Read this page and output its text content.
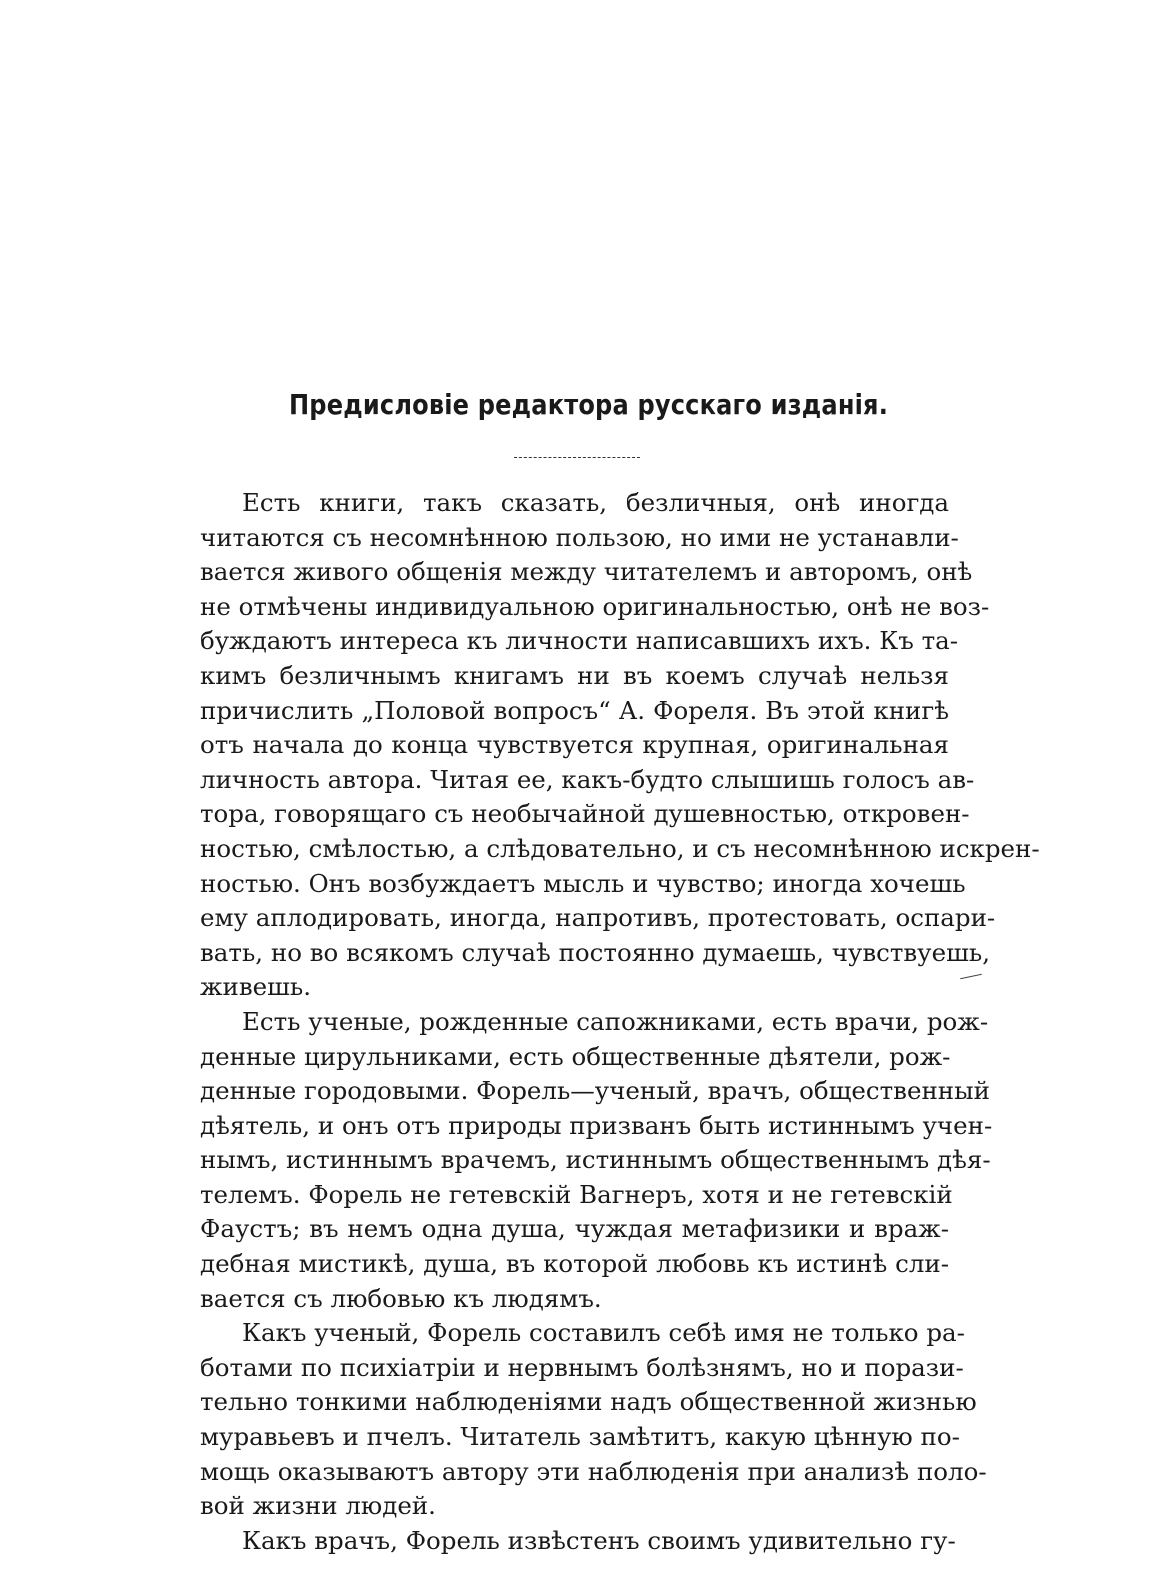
Предисловіе редактора русскаго изданія.
Есть книги, такъ сказать, безличныя, онѣ иногда
читаются съ несомнѣнною пользою, но ими не устанавли-
вается живого общенія между читателемъ и авторомъ, онѣ
не отмѣчены индивидуальною оригинальностью, онѣ не воз-
буждаютъ интереса къ личности написавшихъ ихъ. Къ та-
кимъ безличнымъ книгамъ ни въ коемъ случаѣ нельзя
причислить „Половой вопросъ“ А. Фореля. Въ этой книгѣ
отъ начала до конца чувствуется крупная, оригинальная
личность автора. Читая ее, какъ-будто слышишь голосъ ав-
тора, говорящаго съ необычайной душевностью, откровен-
ностью, смѣлостью, а слѣдовательно, и съ несомнѣнною искрен-
ностью. Онъ возбуждаетъ мысль и чувство; иногда хочешь
ему аплодировать, иногда, напротивъ, протестовать, оспари-
вать, но во всякомъ случаѣ постоянно думаешь, чувствуешь,
живешь.
Есть ученые, рожденные сапожниками, есть врачи, рож-
денные цирульниками, есть общественные дѣятели, рож-
денные городовыми. Форель—ученый, врачъ, общественный
дѣятель, и онъ отъ природы призванъ быть истиннымъ учен-
нымъ, истиннымъ врачемъ, истиннымъ общественнымъ дѣя-
телемъ. Форель не гетевскій Вагнеръ, хотя и не гетевскій
Фаустъ; въ немъ одна душа, чуждая метафизики и враж-
дебная мистикѣ, душа, въ которой любовь къ истинѣ сли-
вается съ любовью къ людямъ.
Какъ ученый, Форель составилъ себѣ имя не только ра-
ботами по психіатріи и нервнымъ болѣзнямъ, но и порази-
тельно тонкими наблюденіями надъ общественной жизнью
муравьевъ и пчелъ. Читатель замѣтитъ, какую цѣнную по-
мощь оказываютъ автору эти наблюденія при анализѣ поло-
вой жизни людей.
Какъ врачъ, Форель извѣстенъ своимъ удивительно гу-
